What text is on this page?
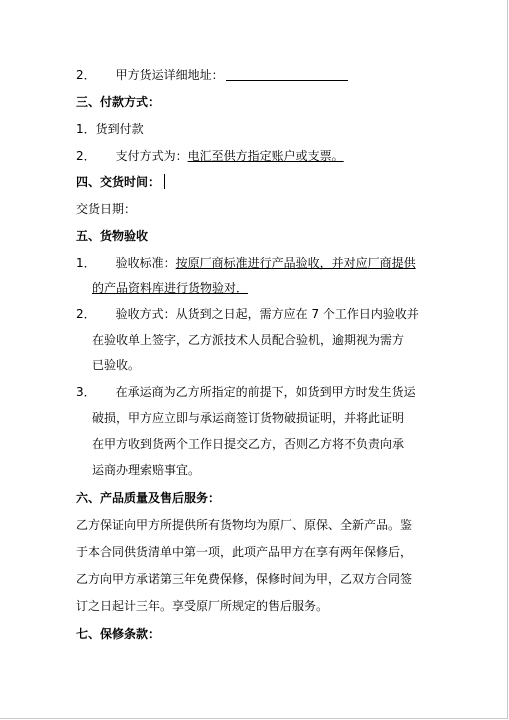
2． 甲方货运详细地址：
三、付款方式：
1．货到付款
2． 支付方式为：电汇至供方指定账户或支票。
四、交货时间：
交货日期：
五、货物验收
1． 验收标准：按原厂商标准进行产品验收，并对应厂商提供
的产品资料库进行货物验对．
2． 验收方式：从货到之日起，需方应在 7 个工作日内验收并
在验收单上签字，乙方派技术人员配合验机，逾期视为需方
已验收。
3． 在承运商为乙方所指定的前提下，如货到甲方时发生货运
破损，甲方应立即与承运商签订货物破损证明，并将此证明
在甲方收到货两个工作日提交乙方，否则乙方将不负责向承
运商办理索赔事宜。
六、产品质量及售后服务：
乙方保证向甲方所提供所有货物均为原厂、原保、全新产品。鉴
于本合同供货清单中第一项，此项产品甲方在享有两年保修后，
乙方向甲方承诺第三年免费保修，保修时间为甲，乙双方合同签
订之日起计三年。享受原厂所规定的售后服务。
七、保修条款：
